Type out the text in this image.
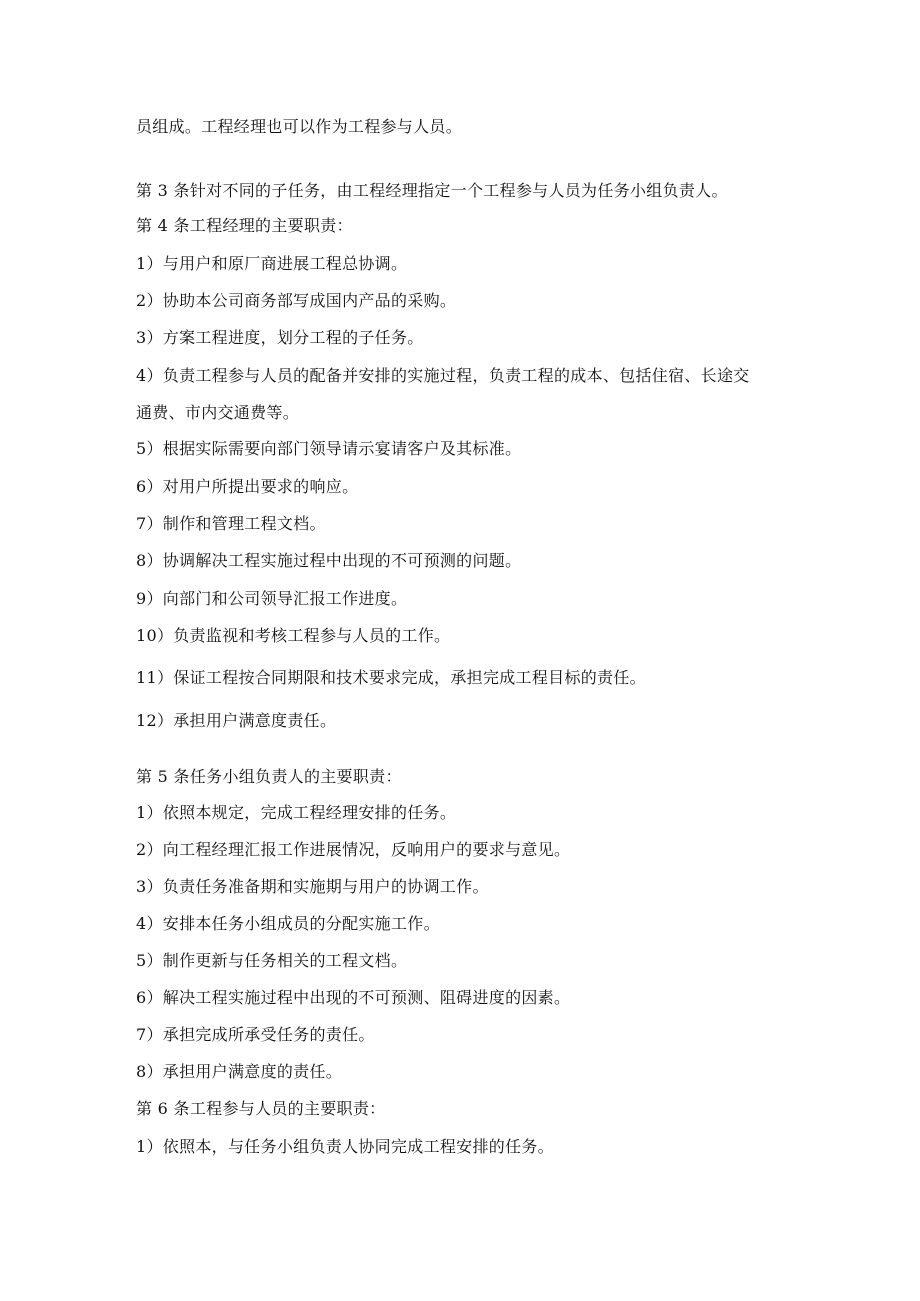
员组成。工程经理也可以作为工程参与人员。
第 3 条针对不同的子任务，由工程经理指定一个工程参与人员为任务小组负责人。
第 4 条工程经理的主要职责：
1）与用户和原厂商进展工程总协调。
2）协助本公司商务部写成国内产品的采购。
3）方案工程进度，划分工程的子任务。
4）负责工程参与人员的配备并安排的实施过程，负责工程的成本、包括住宿、长途交
通费、市内交通费等。
5）根据实际需要向部门领导请示宴请客户及其标准。
6）对用户所提出要求的响应。
7）制作和管理工程文档。
8）协调解决工程实施过程中出现的不可预测的问题。
9）向部门和公司领导汇报工作进度。
10）负责监视和考核工程参与人员的工作。
11）保证工程按合同期限和技术要求完成，承担完成工程目标的责任。
12）承担用户满意度责任。
第 5 条任务小组负责人的主要职责：
1）依照本规定，完成工程经理安排的任务。
2）向工程经理汇报工作进展情况，反响用户的要求与意见。
3）负责任务准备期和实施期与用户的协调工作。
4）安排本任务小组成员的分配实施工作。
5）制作更新与任务相关的工程文档。
6）解决工程实施过程中出现的不可预测、阻碍进度的因素。
7）承担完成所承受任务的责任。
8）承担用户满意度的责任。
第 6 条工程参与人员的主要职责：
1）依照本，与任务小组负责人协同完成工程安排的任务。
